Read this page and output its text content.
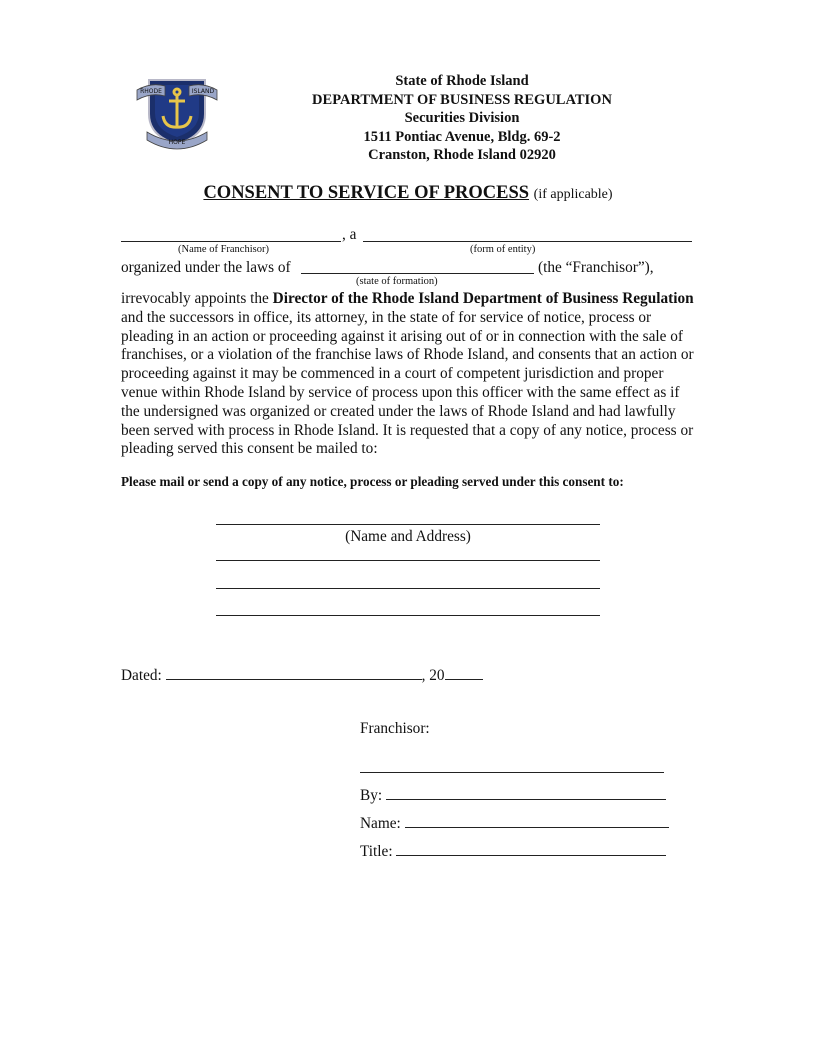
RHODE	ISLAND
HOPE
State of Rhode Island
DEPARTMENT OF BUSINESS REGULATION
Securities Division
1511 Pontiac Avenue, Bldg. 69-2
Cranston, Rhode Island 02920
CONSENT TO SERVICE OF PROCESS (if applicable)
, a
(Name of Franchisor)	(form of entity)
organized under the laws of	(the “Franchisor”),
(state of formation)
irrevocably appoints the Director of the Rhode Island Department of Business Regulation and the successors in office, its attorney, in the state of for service of notice, process or pleading in an action or proceeding against it arising out of or in connection with the sale of franchises, or a violation of the franchise laws of Rhode Island, and consents that an action or proceeding against it may be commenced in a court of competent jurisdiction and proper venue within Rhode Island by service of process upon this officer with the same effect as if the undersigned was organized or created under the laws of Rhode Island and had lawfully been served with process in Rhode Island. It is requested that a copy of any notice, process or pleading served this consent be mailed to:
Please mail or send a copy of any notice, process or pleading served under this consent to:
(Name and Address)
Dated:	, 20
Franchisor:
By:
Name:
Title:
